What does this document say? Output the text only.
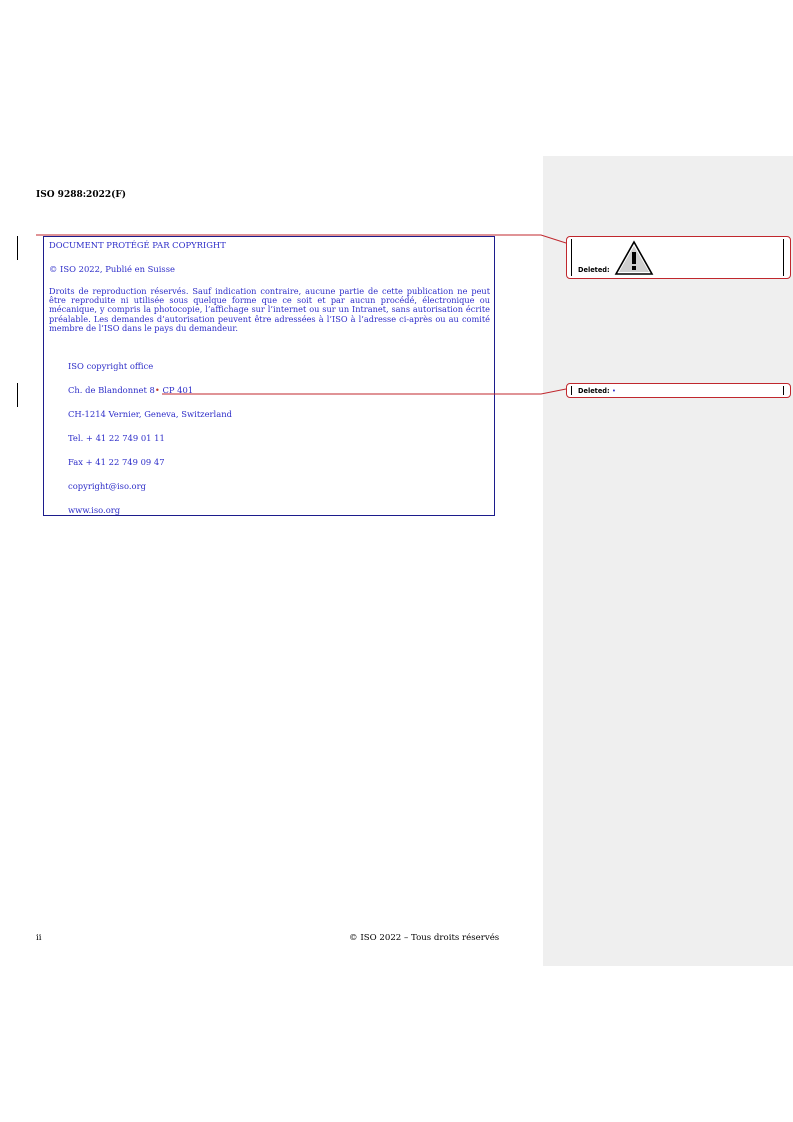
ISO 9288:2022(F)
DOCUMENT PROTÉGÉ PAR COPYRIGHT
© ISO 2022, Publié en Suisse
Droits de reproduction réservés. Sauf indication contraire, aucune partie de cette publication ne peut être reproduite ni utilisée sous quelque forme que ce soit et par aucun procédé, électronique ou mécanique, y compris la photocopie, l’affichage sur l’internet ou sur un Intranet, sans autorisation écrite préalable. Les demandes d’autorisation peuvent être adressées à l’ISO à l’adresse ci-après ou au comité membre de l’ISO dans le pays du demandeur.
ISO copyright office
Ch. de Blandonnet 8• CP 401
CH-1214 Vernier, Geneva, Switzerland
Tel. + 41 22 749 01 11
Fax + 41 22 749 09 47
copyright@iso.org
www.iso.org
ii	© ISO 2022 – Tous droits réservés
Deleted:
Deleted: •
